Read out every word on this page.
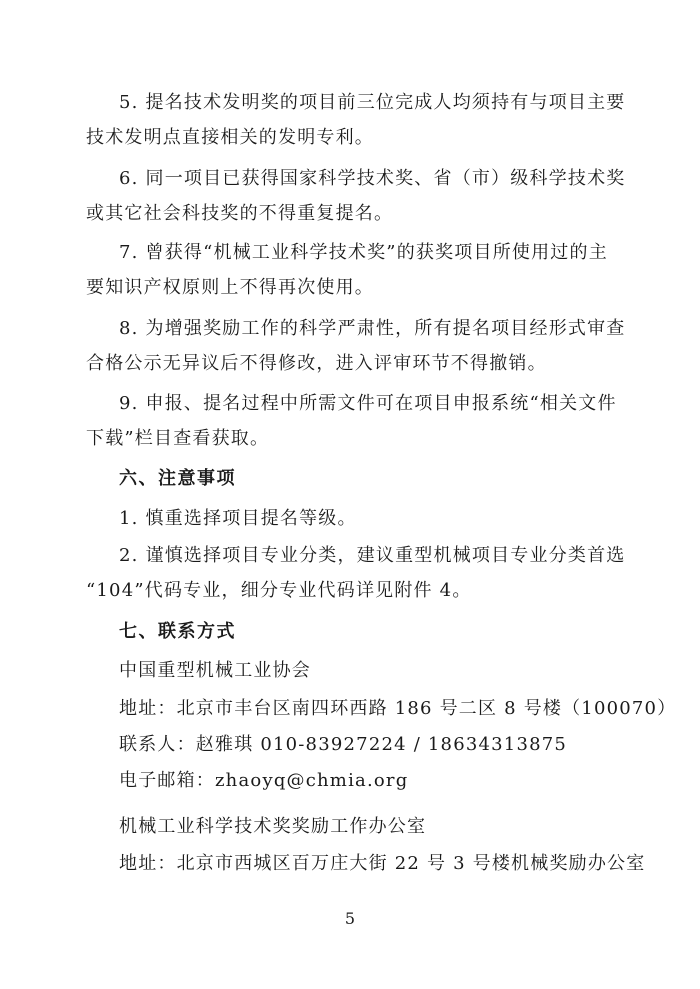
5. 提名技术发明奖的项目前三位完成人均须持有与项目主要
技术发明点直接相关的发明专利。
6. 同一项目已获得国家科学技术奖、省（市）级科学技术奖
或其它社会科技奖的不得重复提名。
7. 曾获得“机械工业科学技术奖”的获奖项目所使用过的主
要知识产权原则上不得再次使用。
8. 为增强奖励工作的科学严肃性，所有提名项目经形式审查
合格公示无异议后不得修改，进入评审环节不得撤销。
9. 申报、提名过程中所需文件可在项目申报系统“相关文件
下载”栏目查看获取。
六、注意事项
1. 慎重选择项目提名等级。
2. 谨慎选择项目专业分类，建议重型机械项目专业分类首选
“104”代码专业，细分专业代码详见附件 4。
七、联系方式
中国重型机械工业协会
地址：北京市丰台区南四环西路 186 号二区 8 号楼（100070）
联系人：赵雅琪 010-83927224 / 18634313875
电子邮箱：zhaoyq@chmia.org
机械工业科学技术奖奖励工作办公室
地址：北京市西城区百万庄大街 22 号 3 号楼机械奖励办公室
5
